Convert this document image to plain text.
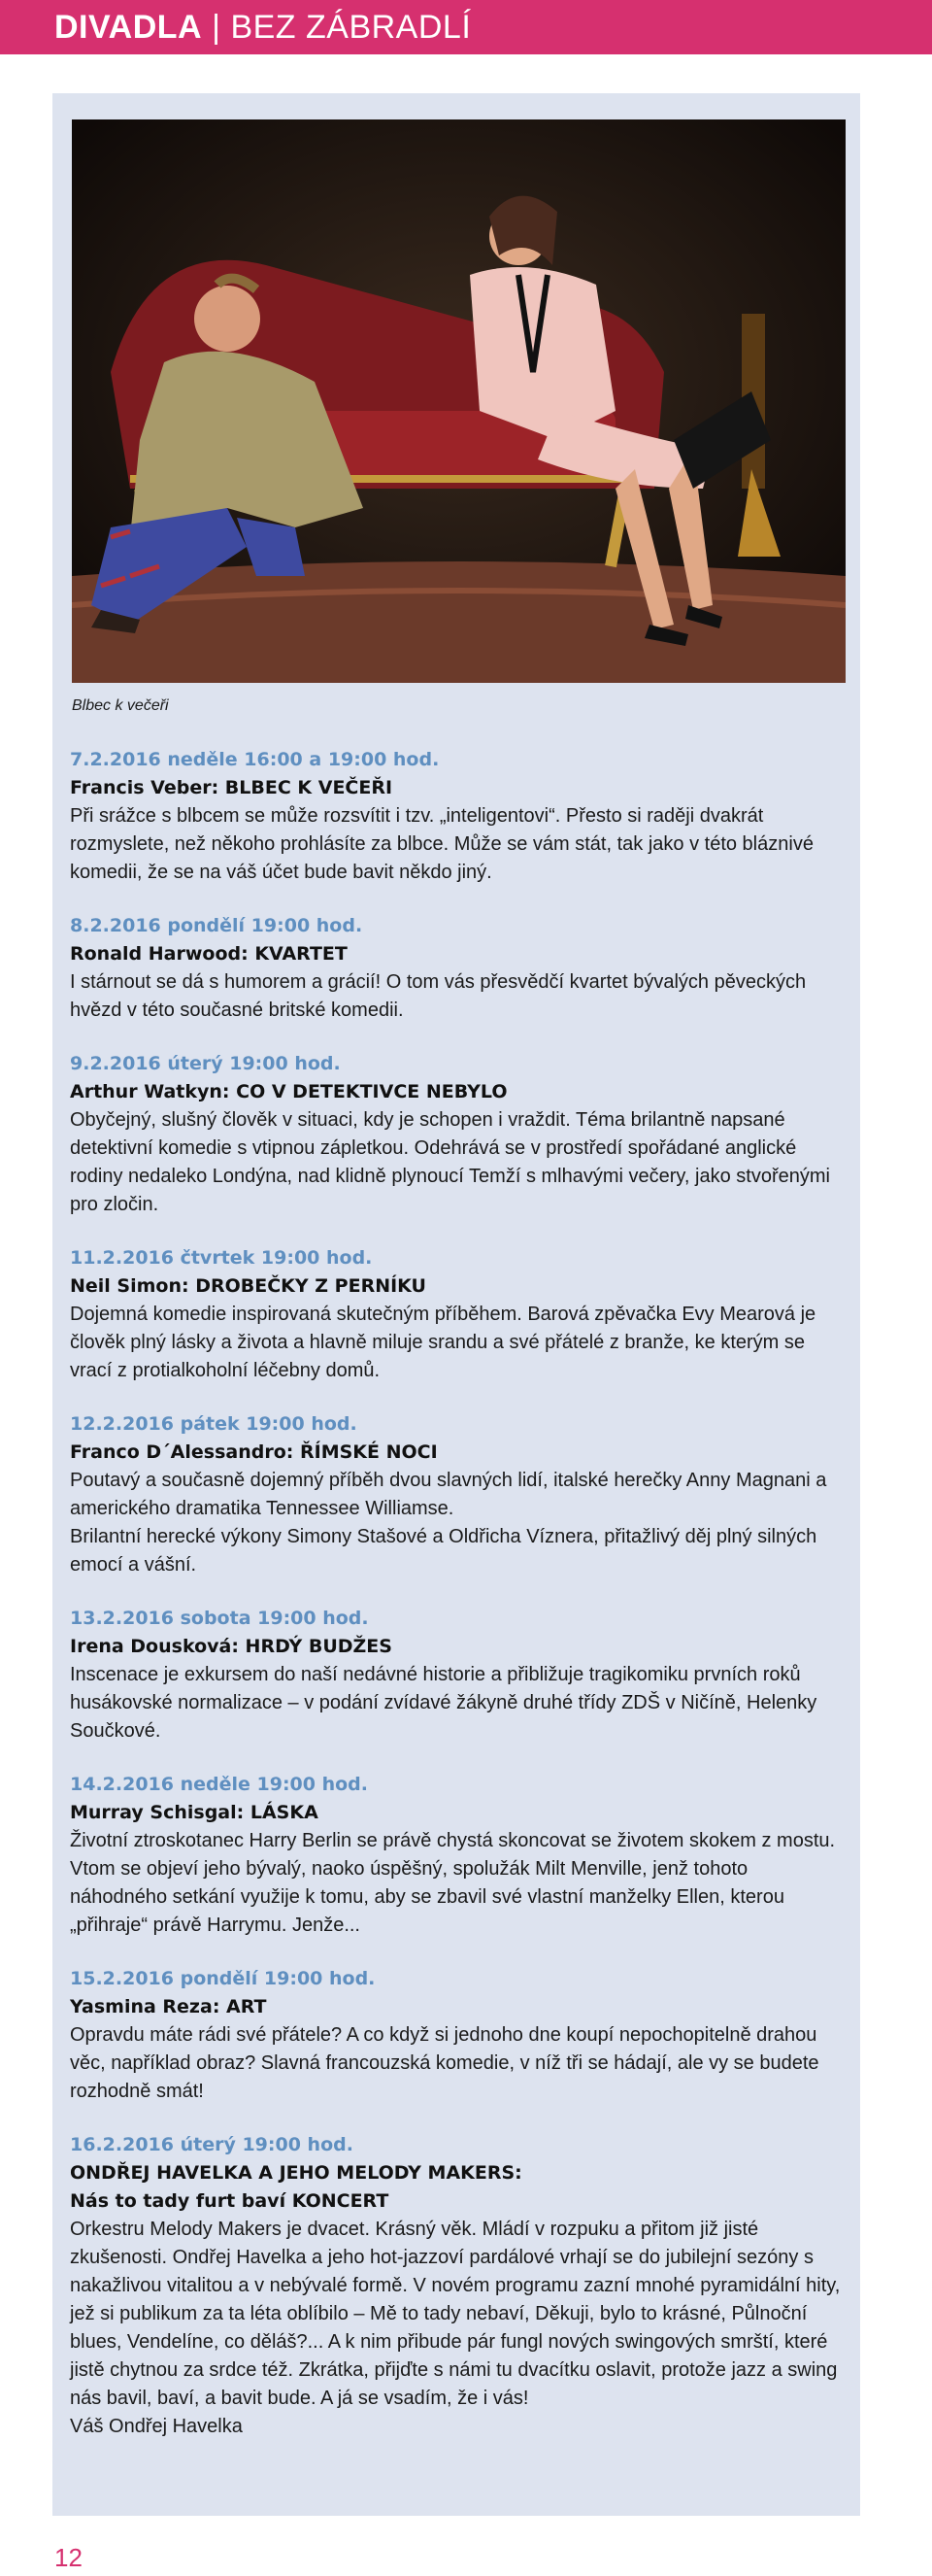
DIVADLA | BEZ ZÁBRADLÍ
Blbec k večeři
7.2.2016 neděle 16:00 a 19:00 hod.
Francis Veber: BLBEC K VEČEŘI

Při srážce s blbcem se může rozsvítit i tzv. „inteligentovi“. Přesto si raději dvakrát rozmyslete, než někoho prohlásíte za blbce. Může se vám stát, tak jako v této bláznivé komedii, že se na váš účet bude bavit někdo jiný.

8.2.2016 pondělí 19:00 hod.
Ronald Harwood: KVARTET

I stárnout se dá s humorem a grácií! O tom vás přesvědčí kvartet bývalých pěveckých hvězd v této současné britské komedii.

9.2.2016 úterý 19:00 hod.
Arthur Watkyn: CO V DETEKTIVCE NEBYLO

Obyčejný, slušný člověk v situaci, kdy je schopen i vraždit. Téma brilantně napsané detektivní komedie s vtipnou zápletkou. Odehrává se v prostředí spořádané anglické rodiny nedaleko Londýna, nad klidně plynoucí Temží s mlhavými večery, jako stvořenými pro zločin.

11.2.2016 čtvrtek 19:00 hod.
Neil Simon: DROBEČKY Z PERNÍKU

Dojemná komedie inspirovaná skutečným příběhem. Barová zpěvačka Evy Mearová je člověk plný lásky a života a hlavně miluje srandu a své přátelé z branže, ke kterým se vrací z protialkoholní léčebny domů.

12.2.2016 pátek 19:00 hod.
Franco D´Alessandro: ŘÍMSKÉ NOCI

Poutavý a současně dojemný příběh dvou slavných lidí, italské herečky Anny Magnani a amerického dramatika Tennessee Williamse.

Brilantní herecké výkony Simony Stašové a Oldřicha Víznera, přitažlivý děj plný silných emocí a vášní.

13.2.2016 sobota 19:00 hod.
Irena Dousková: HRDÝ BUDŽES

Inscenace je exkursem do naší nedávné historie a přibližuje tragikomiku prvních roků husákovské normalizace – v podání zvídavé žákyně druhé třídy ZDŠ v Ničíně, Helenky Součkové.

14.2.2016 neděle 19:00 hod.
Murray Schisgal: LÁSKA

Životní ztroskotanec Harry Berlin se právě chystá skoncovat se životem skokem z mostu. Vtom se objeví jeho bývalý, naoko úspěšný, spolužák Milt Menville, jenž tohoto náhodného setkání využije k tomu, aby se zbavil své vlastní manželky Ellen, kterou „přihraje“ právě Harrymu. Jenže...

15.2.2016 pondělí 19:00 hod.
Yasmina Reza: ART

Opravdu máte rádi své přátele? A co když si jednoho dne koupí nepochopitelně drahou věc, například obraz? Slavná francouzská komedie, v níž tři se hádají, ale vy se budete rozhodně smát!

16.2.2016 úterý 19:00 hod.
ONDŘEJ HAVELKA A JEHO MELODY MAKERS:
Nás to tady furt baví KONCERT

Orkestru Melody Makers je dvacet. Krásný věk. Mládí v rozpuku a přitom již jisté zkušenosti. Ondřej Havelka a jeho hot-jazzoví pardálové vrhají se do jubilejní sezóny s nakažlivou vitalitou a v nebývalé formě. V novém programu zazní mnohé pyramidální hity, jež si publikum za ta léta oblíbilo – Mě to tady nebaví, Děkuji, bylo to krásné, Půlnoční blues, Vendelíne, co děláš?... A k nim přibude pár fungl nových swingových smrští, které jistě chytnou za srdce též. Zkrátka, přijďte s námi tu dvacítku oslavit, protože jazz a swing nás bavil, baví, a bavit bude. A já se vsadím, že i vás!

Váš Ondřej Havelka

12
